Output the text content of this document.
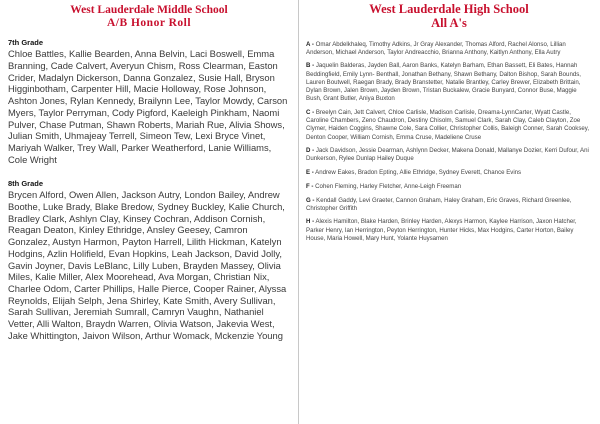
West Lauderdale Middle School
A/B Honor Roll
7th Grade

Chloe Battles, Kallie Bearden, Anna Belvin, Laci Boswell, Emma Branning, Cade Calvert, Averyun Chism, Ross Clearman, Easton Crider, Madalyn Dickerson, Danna Gonzalez, Susie Hall, Bryson Higginbotham, Carpenter Hill, Macie Holloway, Rose Johnson, Ashton Jones, Rylan Kennedy, Brailynn Lee, Taylor Mowdy, Carson Myers, Taylor Perryman, Cody Pigford, Kaeleigh Pinkham, Naomi Pulver, Chase Putman, Shawn Roberts, Mariah Rue, Alivia Shows, Julian Smith, Uhmajeay Terrell, Simeon Tew, Lexi Bryce Vinet, Mariyah Walker, Trey Wall, Parker Weatherford, Lanie Williams, Cole Wright

8th Grade

Brycen Alford, Owen Allen, Jackson Autry, London Bailey, Andrew Boothe, Luke Brady, Blake Bredow, Sydney Buckley, Kalie Church, Bradley Clark, Ashlyn Clay, Kinsey Cochran, Addison Cornish, Reagan Deaton, Kinley Ethridge, Ansley Geesey, Camron Gonzalez, Austyn Harmon, Payton Harrell, Lilith Hickman, Katelyn Hodgins, Azlin Holifield, Evan Hopkins, Leah Jackson, David Jolly, Gavin Joyner, Davis LeBlanc, Lilly Luben, Brayden Massey, Olivia Miles, Kalie Miller, Alex Moorehead, Ava Morgan, Christian Nix, Charlee Odom, Carter Phillips, Halle Pierce, Cooper Rainer, Alyssa Reynolds, Elijah Selph, Jena Shirley, Kate Smith, Avery Sullivan, Sarah Sullivan, Jeremiah Sumrall, Camryn Vaughn, Nathaniel Vetter, Alli Walton, Braydn Warren, Olivia Watson, Jakevia West, Jake Whittington, Jaivon Wilson, Arthur Womack, Mckenzie Young

West Lauderdale High School
All A's

A - Omar Abdelkhaleq, Timothy Adkins, Jr Gray Alexander, Thomas Alford, Rachel Alonso, Lillian Anderson, Michael Anderson, Taylor Andreacchio, Brianna Anthony, Kaitlyn Anthony, Ella Autry

B - Jaquelin Balderas, Jayden Ball, Aaron Banks, Katelyn Barham, Ethan Bassett, Eli Bates, Hannah Beddingfield, Emily Lynn- Benthall, Jonathan Bethany, Shawn Bethany, Dalton Bishop, Sarah Bounds, Lauren Boutwell, Raegan Brady, Brady Branstetter, Natalie Brantley, Carley Brewer, Elizabeth Brittain, Dylan Brown, Jalen Brown, Jayden Brown, Tristan Buckalew, Gracie Bunyard, Connor Buse, Maggie Bush, Grant Butler, Aniya Buxton

C - Breelyn Cain, Jett Calvert, Chloe Carlisle, Madison Carlisle, Dreama-LynnCarter, Wyatt Castle, Caroline Chambers, Zeno Chaudron, Destiny Chisolm, Samuel Clark, Sarah Clay, Caleb Clayton, Zoe Clymer, Haiden Coggins, Shawne Cole, Sara Collier, Christopher Collis, Baleigh Conner, Sarah Cooksey, Denton Cooper, William Cornish, Emma Cruse, Madeliene Cruse

D - Jack Davidson, Jessie Dearman, Ashlynn Decker, Makena Donald, Mallanye Dozier, Kerri Dufour, Ani Dunkerson, Rylee Dunlap Hailey Duque

E - Andrew Eakes, Bradon Epting, Allie Ethridge, Sydney Everett, Chance Evins

F - Cohen Fleming, Harley Fletcher, Anne-Leigh Freeman

G - Kendall Gaddy, Levi Graeter, Cannon Graham, Haley Graham, Eric Graves, Richard Greenlee, Christopher Griffith

H - Alexis Hamilton, Blake Harden, Brinley Harden, Alexys Harmon, Kaylee Harrison, Jaxon Hatcher, Parker Henry, Ian Herrington, Peyton Herrington, Hunter Hicks, Max Hodgins, Carter Horton, Bailey House, Maria Howell, Mary Hunt, Yolante Huysamen
